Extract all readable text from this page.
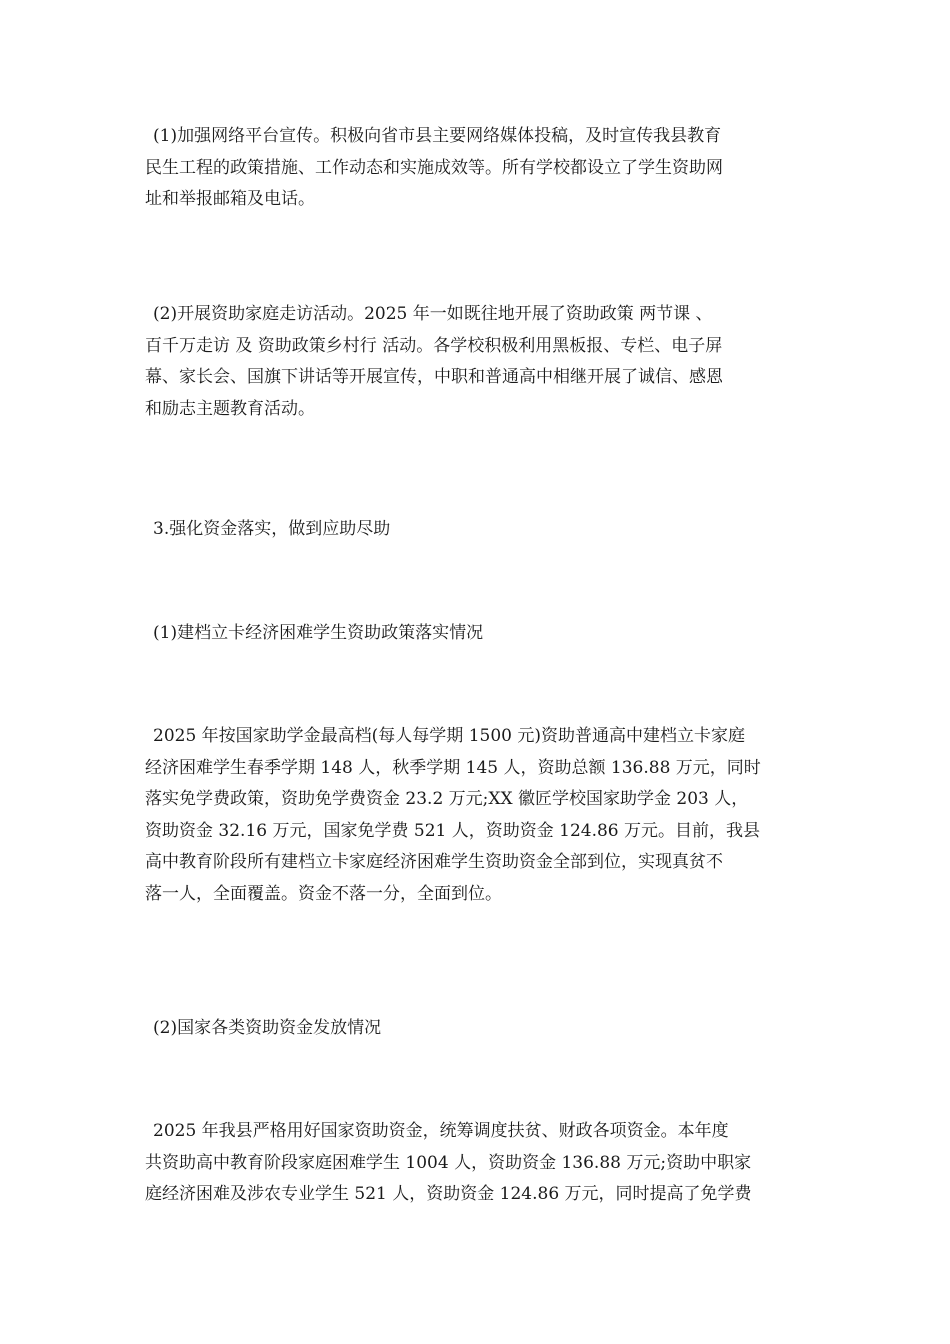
(1)加强网络平台宣传。积极向省市县主要网络媒体投稿，及时宣传我县教育
民生工程的政策措施、工作动态和实施成效等。所有学校都设立了学生资助网
址和举报邮箱及电话。
(2)开展资助家庭走访活动。2025 年一如既往地开展了资助政策 两节课 、
百千万走访 及 资助政策乡村行 活动。各学校积极利用黑板报、专栏、电子屏
幕、家长会、国旗下讲话等开展宣传，中职和普通高中相继开展了诚信、感恩
和励志主题教育活动。
3.强化资金落实，做到应助尽助
(1)建档立卡经济困难学生资助政策落实情况
2025 年按国家助学金最高档(每人每学期 1500 元)资助普通高中建档立卡家庭
经济困难学生春季学期 148 人，秋季学期 145 人，资助总额 136.88 万元，同时
落实免学费政策，资助免学费资金 23.2 万元;XX 徽匠学校国家助学金 203 人，
资助资金 32.16 万元，国家免学费 521 人，资助资金 124.86 万元。目前，我县
高中教育阶段所有建档立卡家庭经济困难学生资助资金全部到位，实现真贫不
落一人，全面覆盖。资金不落一分，全面到位。
(2)国家各类资助资金发放情况
2025 年我县严格用好国家资助资金，统筹调度扶贫、财政各项资金。本年度
共资助高中教育阶段家庭困难学生 1004 人，资助资金 136.88 万元;资助中职家
庭经济困难及涉农专业学生 521 人，资助资金 124.86 万元，同时提高了免学费
